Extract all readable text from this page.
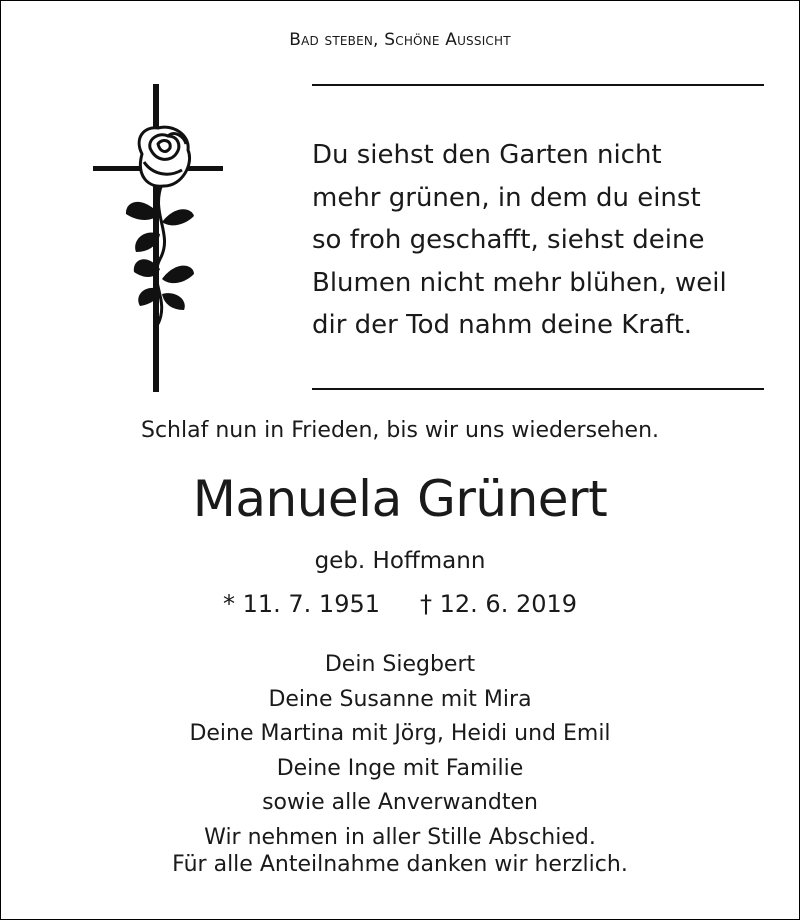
Bad steben, Schöne Aussicht
Du siehst den Garten nicht
mehr grünen, in dem du einst
so froh geschafft, siehst deine
Blumen nicht mehr blühen, weil
dir der Tod nahm deine Kraft.
Schlaf nun in Frieden, bis wir uns wiedersehen.
Manuela Grünert
geb. Hoffmann
* 11. 7. 1951 † 12. 6. 2019
Dein Siegbert
Deine Susanne mit Mira
Deine Martina mit Jörg, Heidi und Emil
Deine Inge mit Familie
sowie alle Anverwandten
Wir nehmen in aller Stille Abschied.
Für alle Anteilnahme danken wir herzlich.
